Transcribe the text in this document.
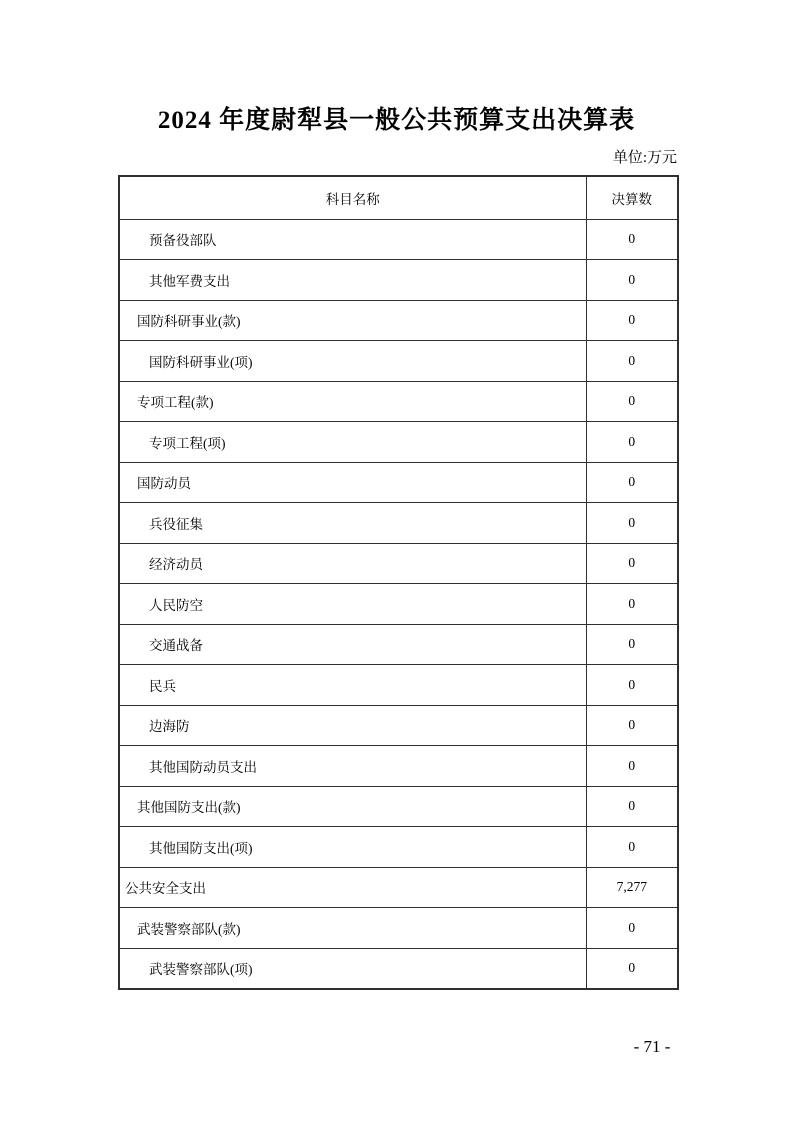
2024 年度尉犁县一般公共预算支出决算表
单位:万元
科目名称	决算数
预备役部队	0
其他军费支出	0
国防科研事业(款)	0
国防科研事业(项)	0
专项工程(款)	0
专项工程(项)	0
国防动员	0
兵役征集	0
经济动员	0
人民防空	0
交通战备	0
民兵	0
边海防	0
其他国防动员支出	0
其他国防支出(款)	0
其他国防支出(项)	0
公共安全支出	7,277
武装警察部队(款)	0
武装警察部队(项)	0
- 71 -
